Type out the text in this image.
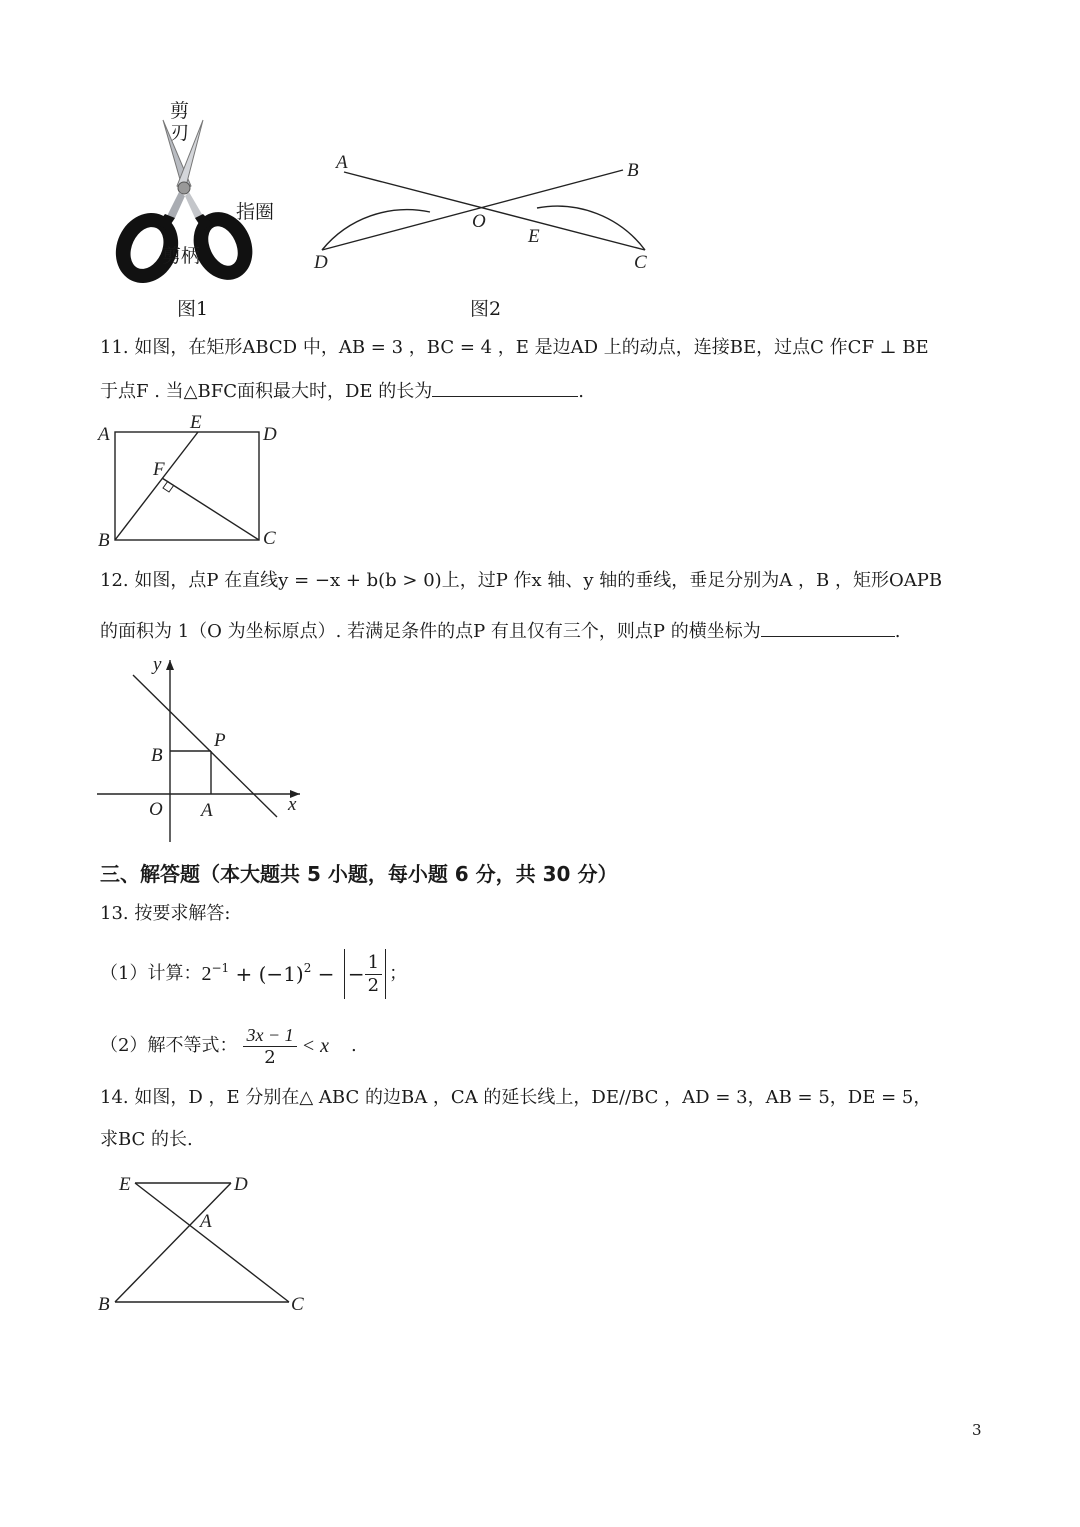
剪刃
指圈
剪柄
图1
A	B
O
E
D	C
图2
11. 如图，在矩形ABCD 中，AB = 3 ，BC = 4 ，E 是边AD 上的动点，连接BE，过点C 作CF ⊥ BE
于点F . 当△BFC面积最大时，DE 的长为	.
A
E
D
F
B	C
12. 如图，点P 在直线y = −x + b(b > 0)上，过P 作x 轴、y 轴的垂线，垂足分别为A ，B ，矩形OAPB
的面积为 1（O 为坐标原点）. 若满足条件的点P 有且仅有三个，则点P 的横坐标为	.
y
B
P
O A	x
三、解答题（本大题共 5 小题，每小题 6 分，共 30 分）
13. 按要求解答:
（1）计算： $2^{-1} + (-1)^2$ − − $\frac{1}{2}$ ；
（2）解不等式： $\frac{3x - 1}{2} < x$ .
14. 如图，D ，E 分别在△ ABC 的边BA ，CA 的延长线上，DE//BC ，AD = 3，AB = 5，DE = 5，
求BC 的长.
E	D
A
B	C
3
